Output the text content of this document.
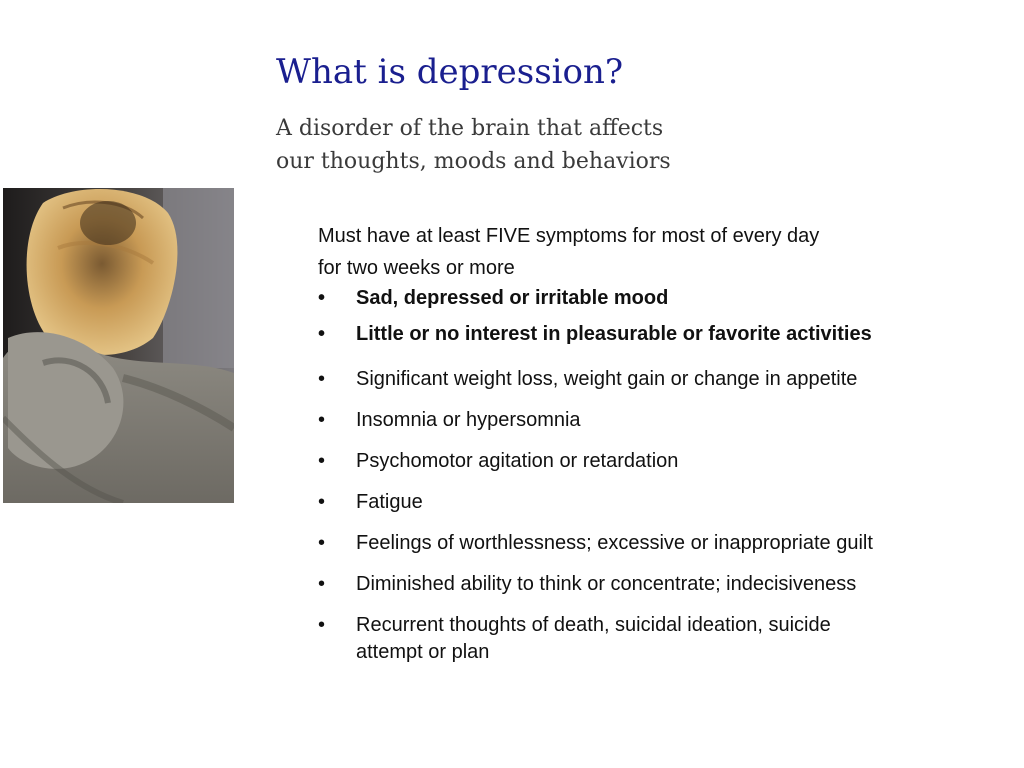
What is depression?
A disorder of the brain that affects
our thoughts, moods and behaviors
Must have at least FIVE symptoms for most of every day
for two weeks or more
• Sad, depressed or irritable mood
• Little or no interest in pleasurable or favorite activities
• Significant weight loss, weight gain or change in appetite
• Insomnia or hypersomnia
• Psychomotor agitation or retardation
• Fatigue
• Feelings of worthlessness; excessive or inappropriate guilt
• Diminished ability to think or concentrate; indecisiveness
• Recurrent thoughts of death, suicidal ideation, suicide
attempt or plan
